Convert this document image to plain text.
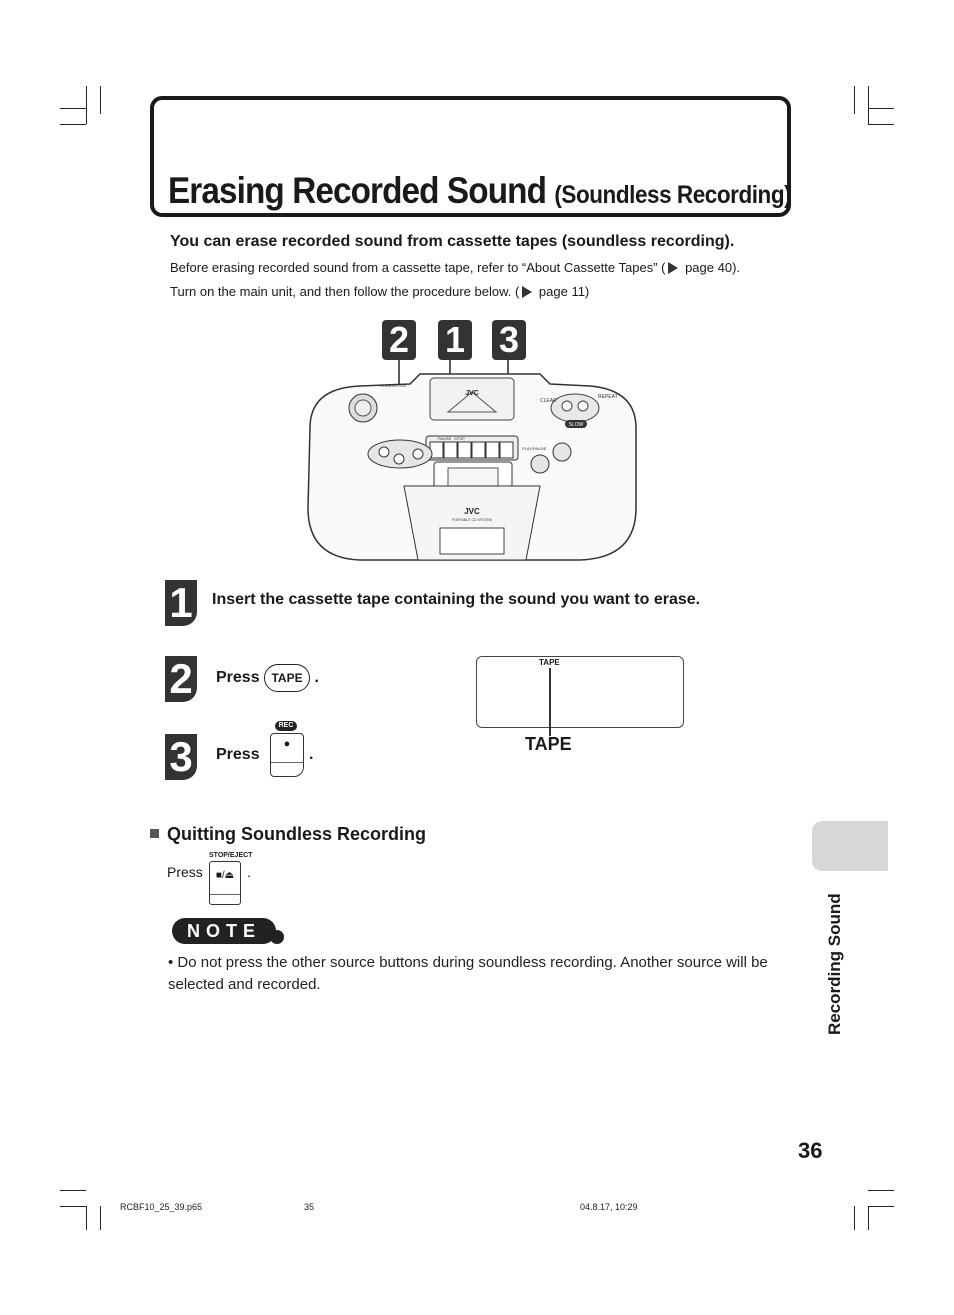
Erasing Recorded Sound (Soundless Recording)
You can erase recorded sound from cassette tapes (soundless recording).
Before erasing recorded sound from a cassette tape, refer to “About Cassette Tapes” ( page 40).
Turn on the main unit, and then follow the procedure below. ( page 11)
2 1 3
JVC
STANDBY/ON
CLEAR
REPEAT
SLOW
PAUSE STOP
PLAY/PAUSE
JVC
PORTABLE CD SYSTEM
1 Insert the cassette tape containing the sound you want to erase.
2 Press TAPE .
3 Press
REC
●
.
TAPE
TAPE
Quitting Soundless Recording
Press
STOP/EJECT
■/⏏ .
NOTE
• Do not press the other source buttons during soundless recording. Another source will be selected and recorded.	Recording Sound
36
RCBF10_25_39.p65	35	04.8.17, 10:29
